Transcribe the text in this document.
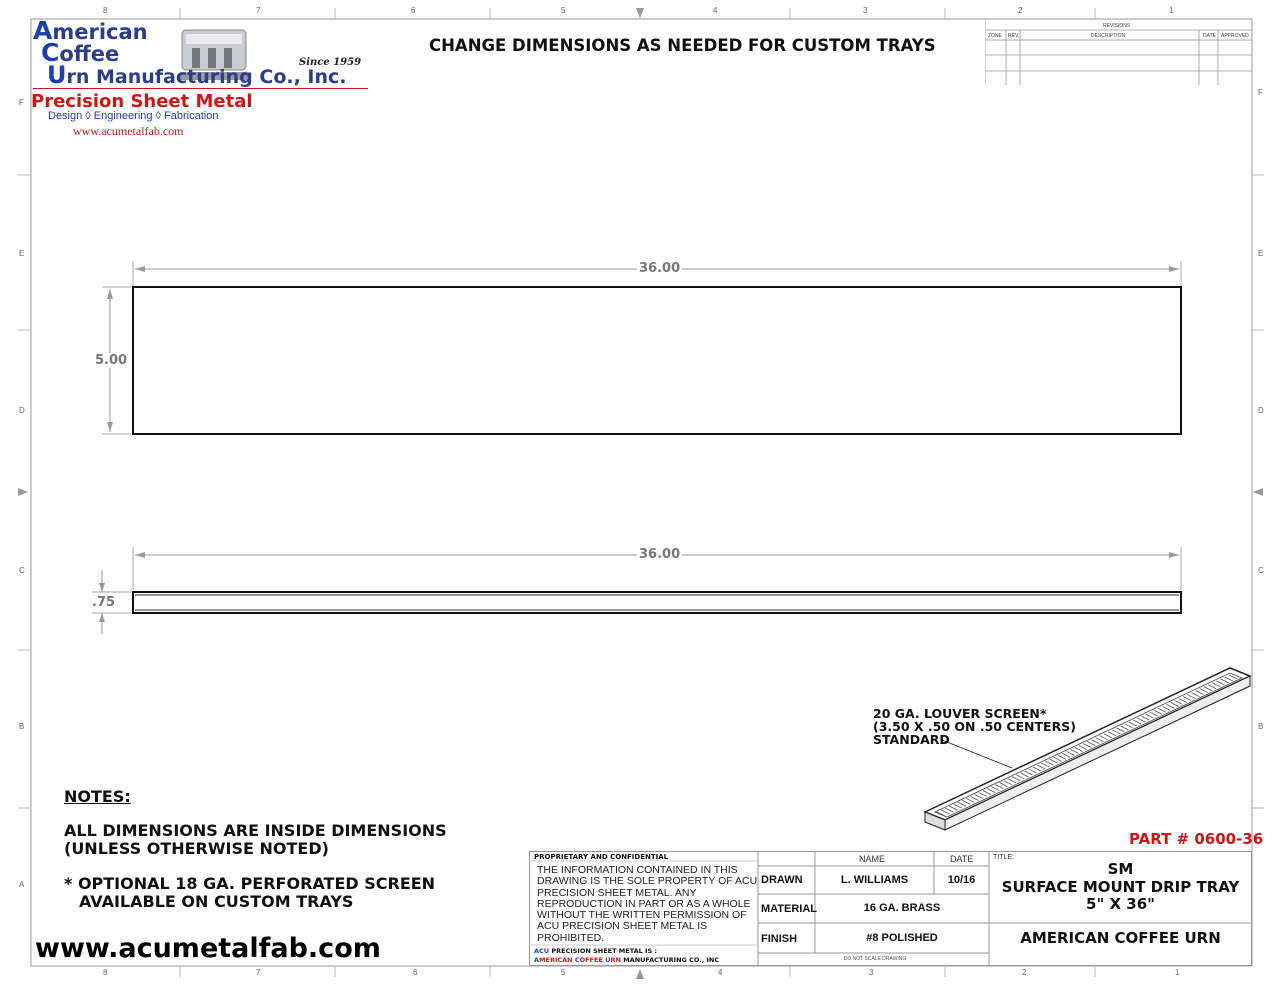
8	7	6	5	4	3	2	1
8	7	6	5	4	3	2	1
F
E
D
C
B
A
F
E
D
C
B
American
Coffee
Urn Manufacturing Co., Inc.
Since 1959
Precision Sheet Metal
Design ◊ Engineering ◊ Fabrication
www.acumetalfab.com
CHANGE DIMENSIONS AS NEEDED FOR CUSTOM TRAYS
REVISIONS
ZONE REV.	DESCRIPTION	DATE APPROVED
36.00
5.00
36.00
.75
20 GA. LOUVER SCREEN*
(3.50 X .50 ON .50 CENTERS)
STANDARD
PART # 0600-36
NOTES:
ALL DIMENSIONS ARE INSIDE DIMENSIONS
(UNLESS OTHERWISE NOTED)
* OPTIONAL 18 GA. PERFORATED SCREEN
AVAILABLE ON CUSTOM TRAYS
www.acumetalfab.com
PROPRIETARY AND CONFIDENTIAL
THE INFORMATION CONTAINED IN THIS DRAWING IS THE SOLE PROPERTY OF ACU PRECISION SHEET METAL. ANY REPRODUCTION IN PART OR AS A WHOLE WITHOUT THE WRITTEN PERMISSION OF ACU PRECISION SHEET METAL IS PROHIBITED.
ACU PRECISION SHEET METAL IS :
AMERICAN COFFEE URN MANUFACTURING CO., INC
NAME	DATE
DRAWN	L. WILLIAMS	10/16
MATERIAL	16 GA. BRASS
FINISH	#8 POLISHED
DO NOT SCALE DRAWING
TITLE:
SM
SURFACE MOUNT DRIP TRAY
5" X 36"
AMERICAN COFFEE URN
